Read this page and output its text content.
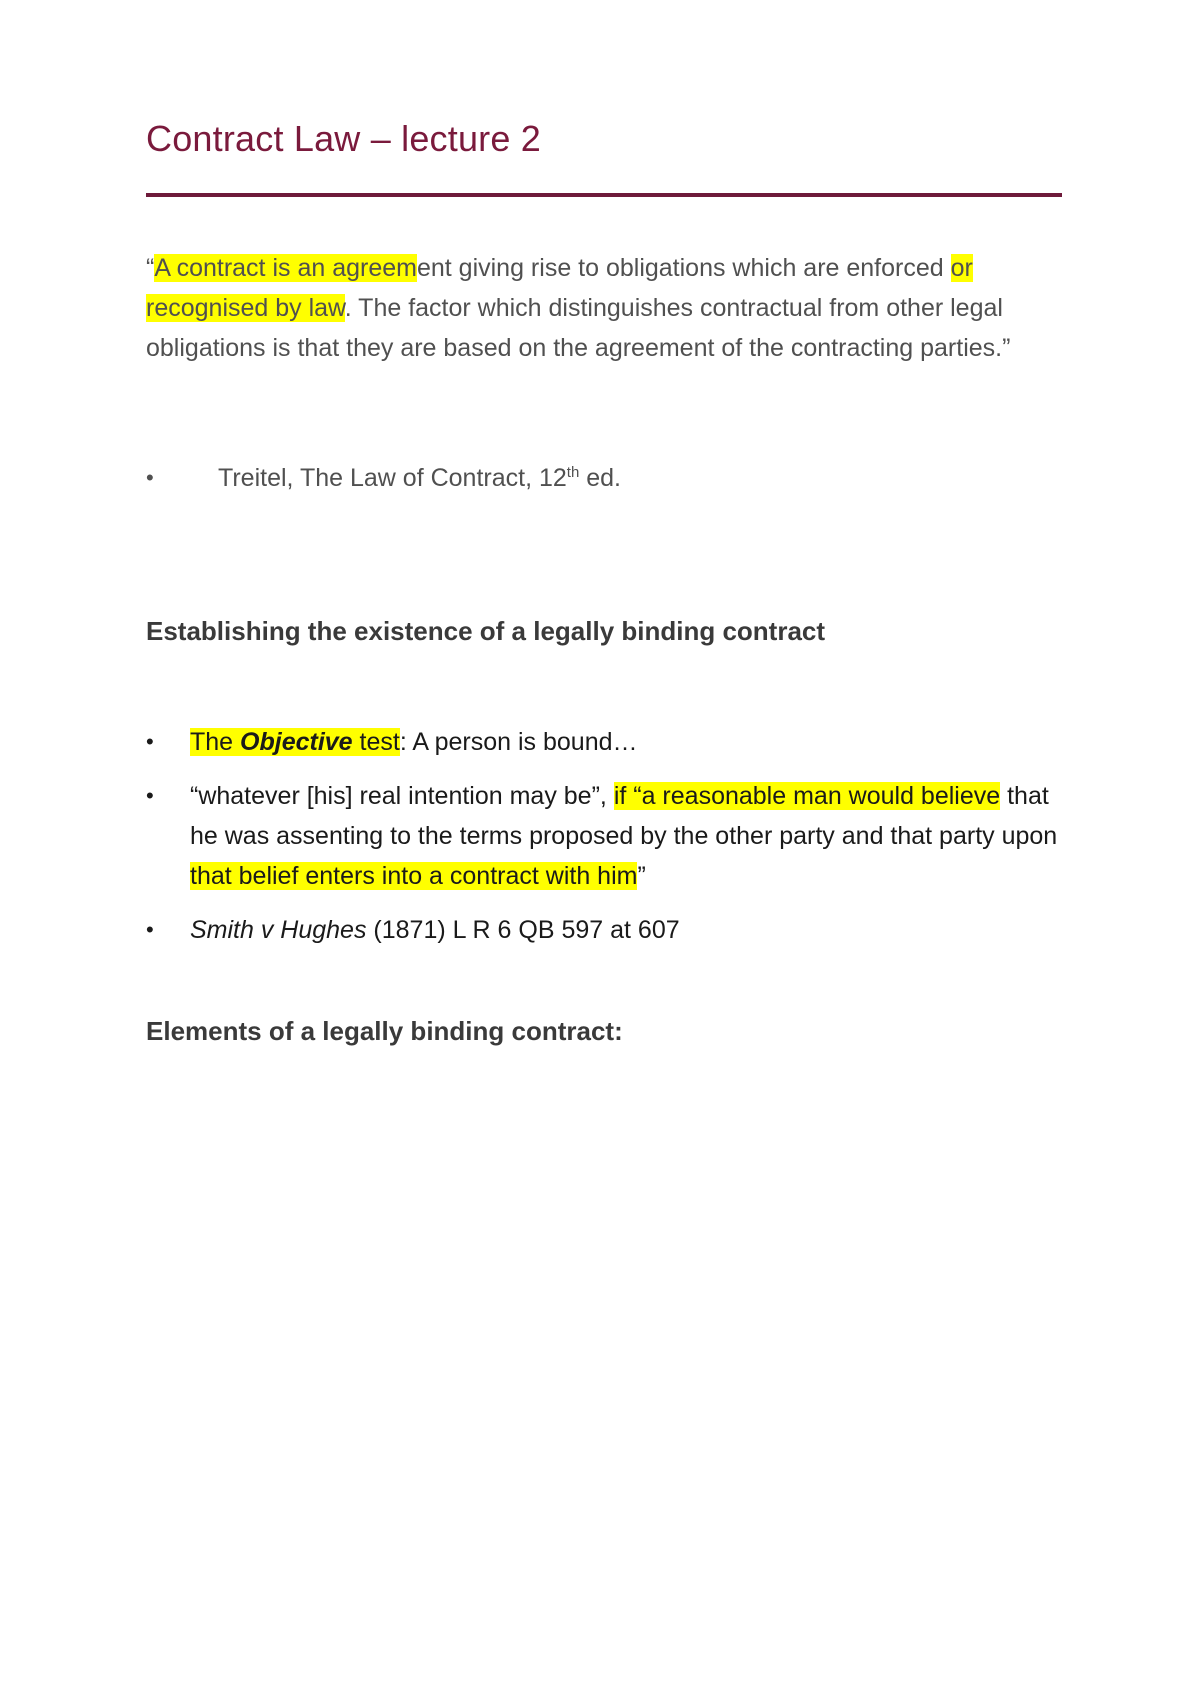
Contract Law – lecture 2
“A contract is an agreement giving rise to obligations which are enforced or recognised by law. The factor which distinguishes contractual from other legal obligations is that they are based on the agreement of the contracting parties.”
•	Treitel, The Law of Contract, 12th ed.
Establishing the existence of a legally binding contract
• The Objective test: A person is bound…
• “whatever [his] real intention may be”, if “a reasonable man would believe that he was assenting to the terms proposed by the other party and that party upon that belief enters into a contract with him”
• Smith v Hughes (1871) L R 6 QB 597 at 607
Elements of a legally binding contract:
